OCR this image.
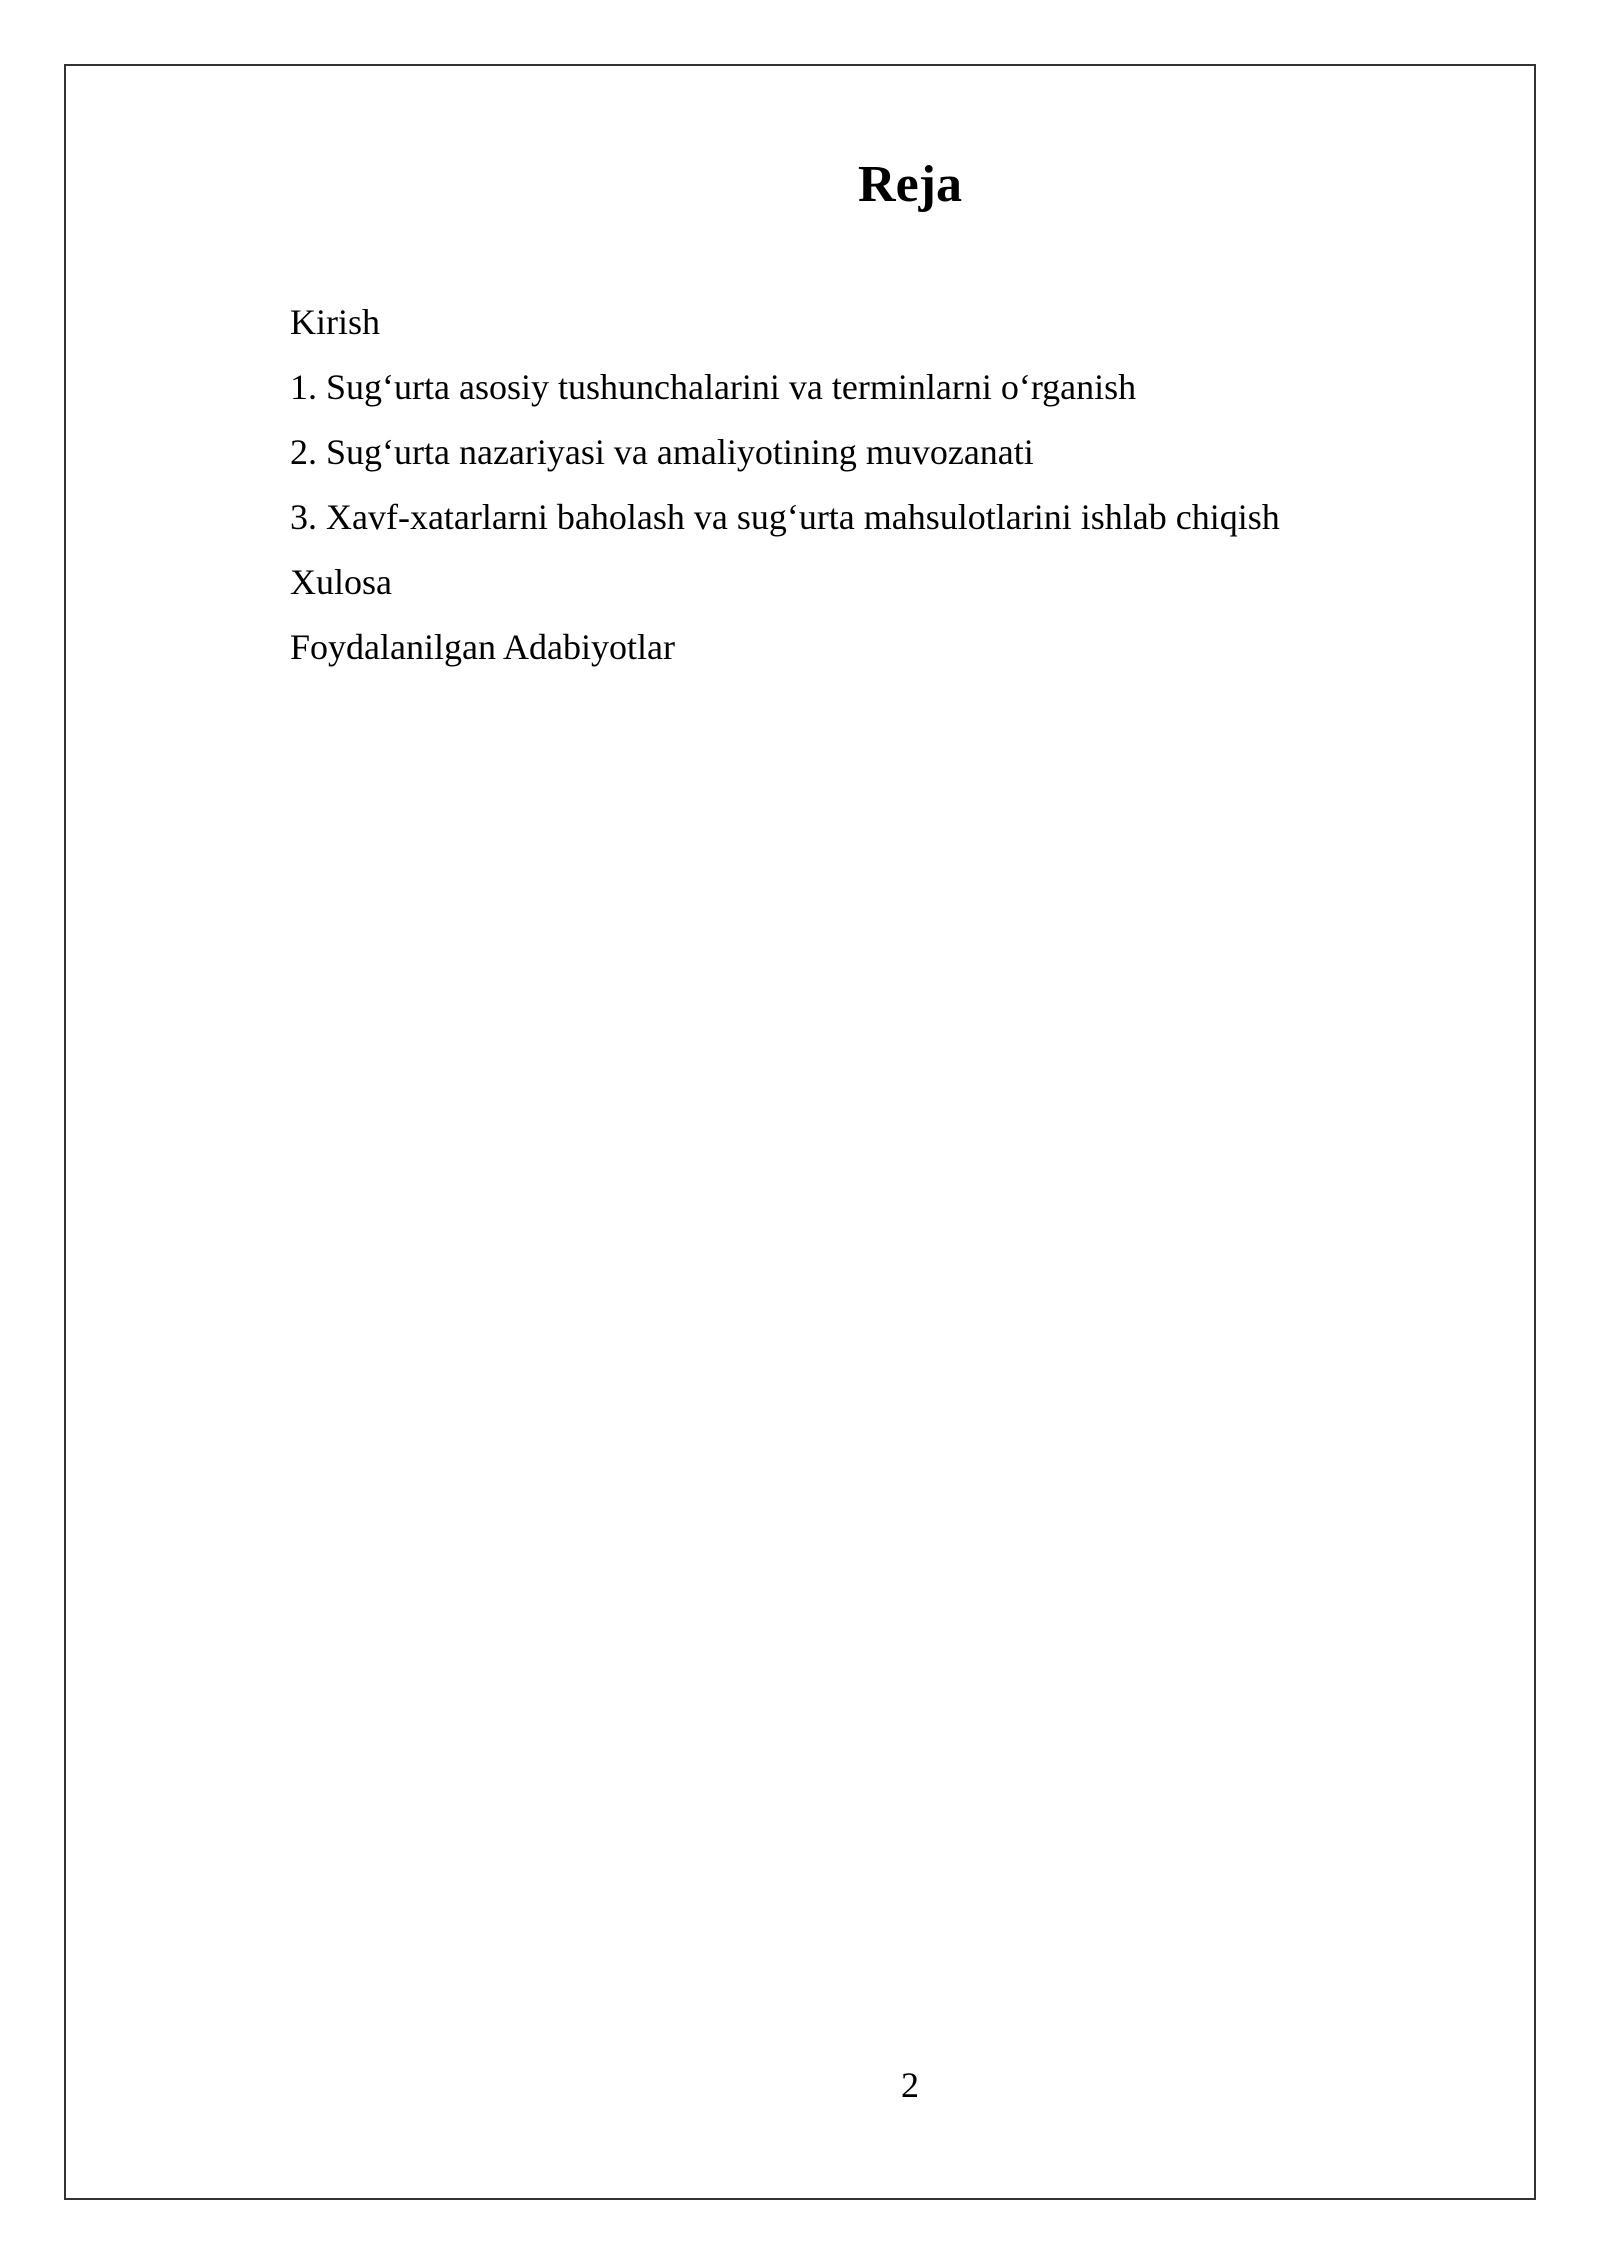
Reja
Kirish
1. Sug‘urta asosiy tushunchalarini va terminlarni o‘rganish
2. Sug‘urta nazariyasi va amaliyotining muvozanati
3. Xavf-xatarlarni baholash va sug‘urta mahsulotlarini ishlab chiqish
Xulosa
Foydalanilgan Adabiyotlar
2
